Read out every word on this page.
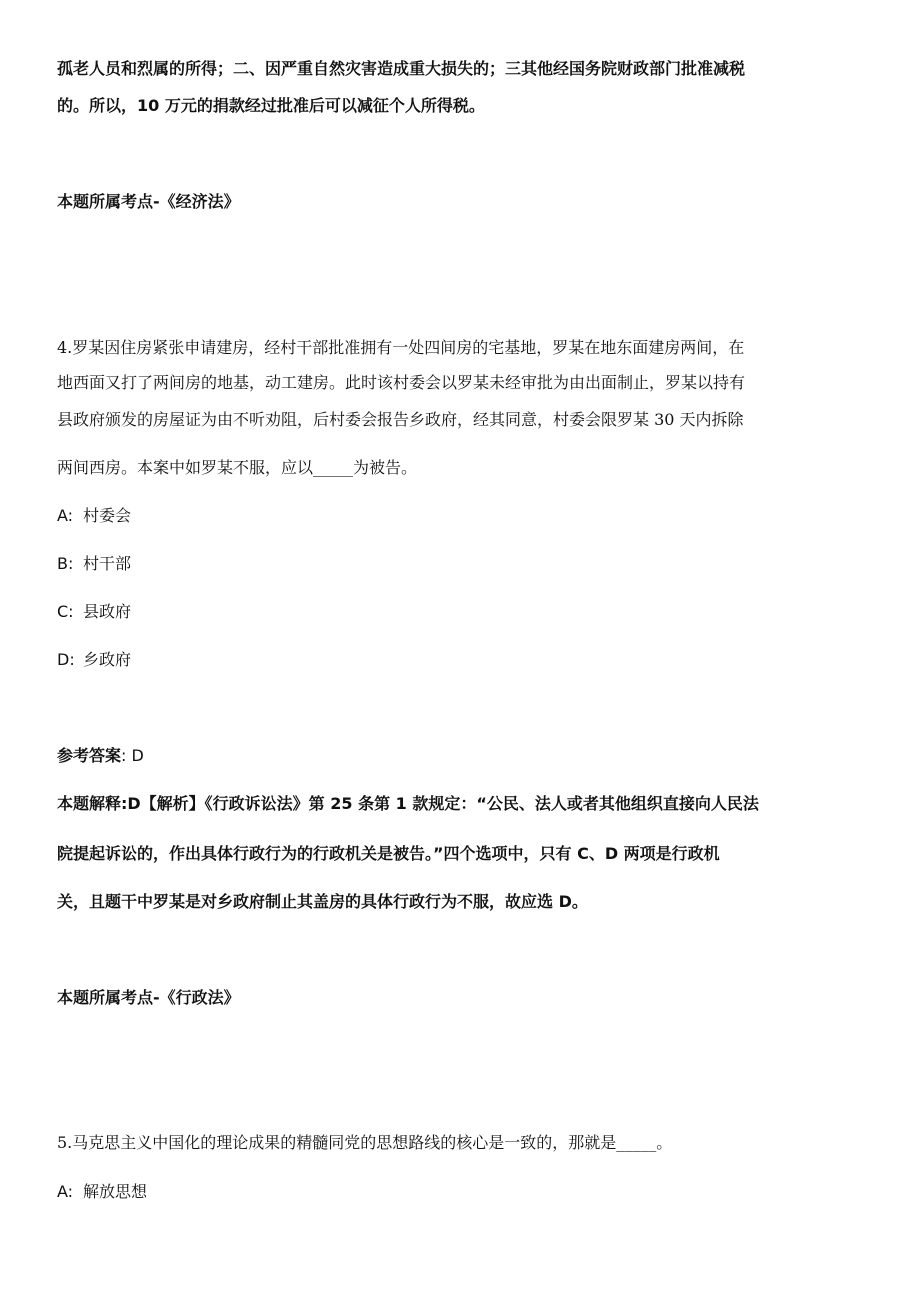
孤老人员和烈属的所得；二、因严重自然灾害造成重大损失的；三其他经国务院财政部门批准减税
的。所以，10 万元的捐款经过批准后可以减征个人所得税。
本题所属考点-《经济法》
4.罗某因住房紧张申请建房，经村干部批准拥有一处四间房的宅基地，罗某在地东面建房两间，在
地西面又打了两间房的地基，动工建房。此时该村委会以罗某未经审批为由出面制止，罗某以持有
县政府颁发的房屋证为由不听劝阻，后村委会报告乡政府，经其同意，村委会限罗某 30 天内拆除
两间西房。本案中如罗某不服，应以_____为被告。
A: 村委会
B: 村干部
C: 县政府
D: 乡政府
参考答案: D
本题解释:D【解析】《行政诉讼法》第 25 条第 1 款规定：“公民、法人或者其他组织直接向人民法
院提起诉讼的，作出具体行政行为的行政机关是被告。”四个选项中，只有 C、D 两项是行政机
关，且题干中罗某是对乡政府制止其盖房的具体行政行为不服，故应选 D。
本题所属考点-《行政法》
5.马克思主义中国化的理论成果的精髓同党的思想路线的核心是一致的，那就是_____。
A: 解放思想
